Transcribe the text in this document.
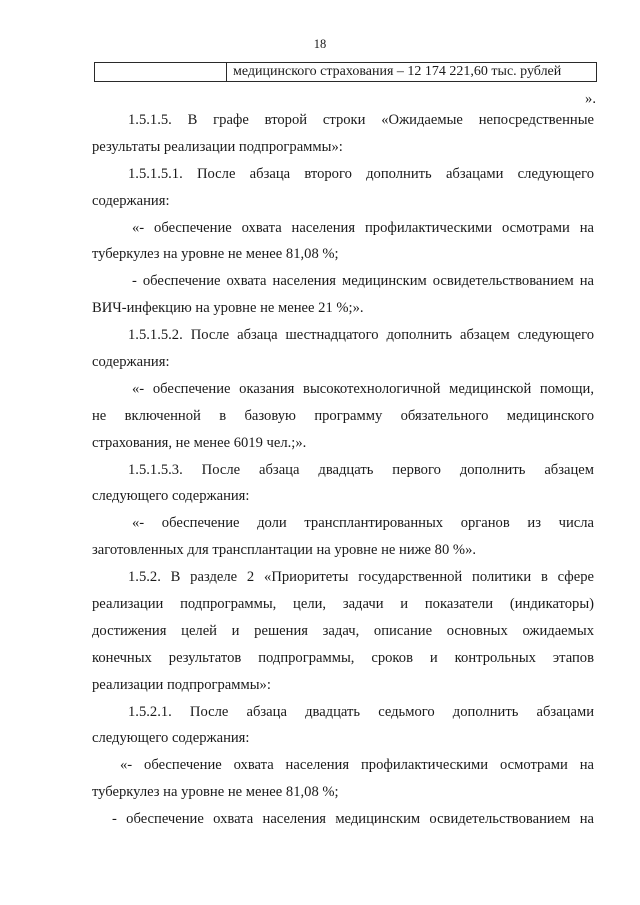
18
медицинского страхования – 12 174 221,60 тыс. рублей
».
1.5.1.5. В графе второй строки «Ожидаемые непосредственные
результаты реализации подпрограммы»:
1.5.1.5.1. После абзаца второго дополнить абзацами следующего
содержания:
«- обеспечение охвата населения профилактическими осмотрами на
туберкулез на уровне не менее 81,08 %;
- обеспечение охвата населения медицинским освидетельствованием на
ВИЧ-инфекцию на уровне не менее 21 %;».
1.5.1.5.2. После абзаца шестнадцатого дополнить абзацем следующего
содержания:
«- обеспечение оказания высокотехнологичной медицинской помощи,
не включенной в базовую программу обязательного медицинского
страхования, не менее 6019 чел.;».
1.5.1.5.3. После абзаца двадцать первого дополнить абзацем
следующего содержания:
«- обеспечение доли трансплантированных органов из числа
заготовленных для трансплантации на уровне не ниже 80 %».
1.5.2. В разделе 2 «Приоритеты государственной политики в сфере
реализации подпрограммы, цели, задачи и показатели (индикаторы)
достижения целей и решения задач, описание основных ожидаемых
конечных результатов подпрограммы, сроков и контрольных этапов
реализации подпрограммы»:
1.5.2.1. После абзаца двадцать седьмого дополнить абзацами
следующего содержания:
«- обеспечение охвата населения профилактическими осмотрами на
туберкулез на уровне не менее 81,08 %;
- обеспечение охвата населения медицинским освидетельствованием на
